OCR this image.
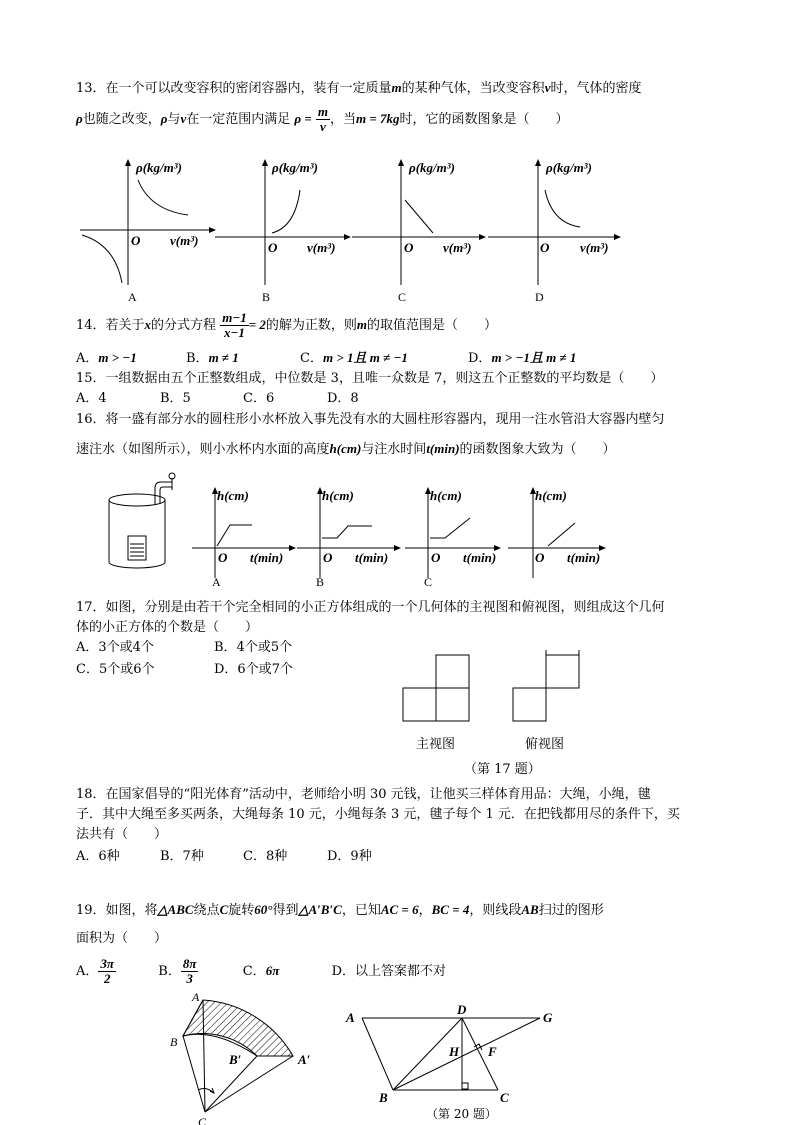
13．在一个可以改变容积的密闭容器内，装有一定质量m的某种气体，当改变容积v时，气体的密度
ρ也随之改变，ρ与v在一定范围内满足 $\rho = \frac{m}{v}$ ，当m = 7kg时，它的函数图象是（　　）
ρ(kg/m³)
O v(m³)
A
ρ(kg/m³)
O v(m³)
B
ρ(kg/m³)
O v(m³)
C
ρ(kg/m³)
O v(m³)
D
14．若关于x的分式方程 $\frac{m-1}{x-1} = 2$的解为正数，则m的取值范围是（　　）
A．m > −1	B．m ≠ 1	C．m > 1且 m ≠ −1	D．m > −1且 m ≠ 1
15．一组数据由五个正整数组成，中位数是 3，且唯一众数是 7，则这五个正整数的平均数是（　　）
A．4	B．5	C．6	D．8
16．将一盛有部分水的圆柱形小水杯放入事先没有水的大圆柱形容器内，现用一注水管沿大容器内壁匀
速注水（如图所示），则小水杯内水面的高度h(cm)与注水时间t(min)的函数图象大致为（　　）
h(cm)
O t(min)
A
h(cm)
O t(min)
B
h(cm)
O t(min)
C
h(cm)
O t(min)
17．如图，分别是由若干个完全相同的小正方体组成的一个几何体的主视图和俯视图，则组成这个几何
体的小正方体的个数是（　　）
A．3个或4个	B．4个或5个
C．5个或6个	D．6个或7个
主视图	俯视图
（第 17 题）
18．在国家倡导的“阳光体育”活动中，老师给小明 30 元钱，让他买三样体育用品：大绳，小绳，毽
子．其中大绳至多买两条，大绳每条 10 元，小绳每条 3 元，毽子每个 1 元．在把钱都用尽的条件下，买
法共有（　　）
A．6种	B．7种	C．8种	D．9种
19．如图，将△ABC绕点C旋转60°得到△A′B′C，已知AC = 6，BC = 4，则线段AB扫过的图形
面积为（　　）
A． $\frac{3\pi}{2}$	B． $\frac{8\pi}{3}$	C．6π	D．以上答案都不对
A
B
B′	A′
C
A
D
G
H F
B	C
（第 20 题）
